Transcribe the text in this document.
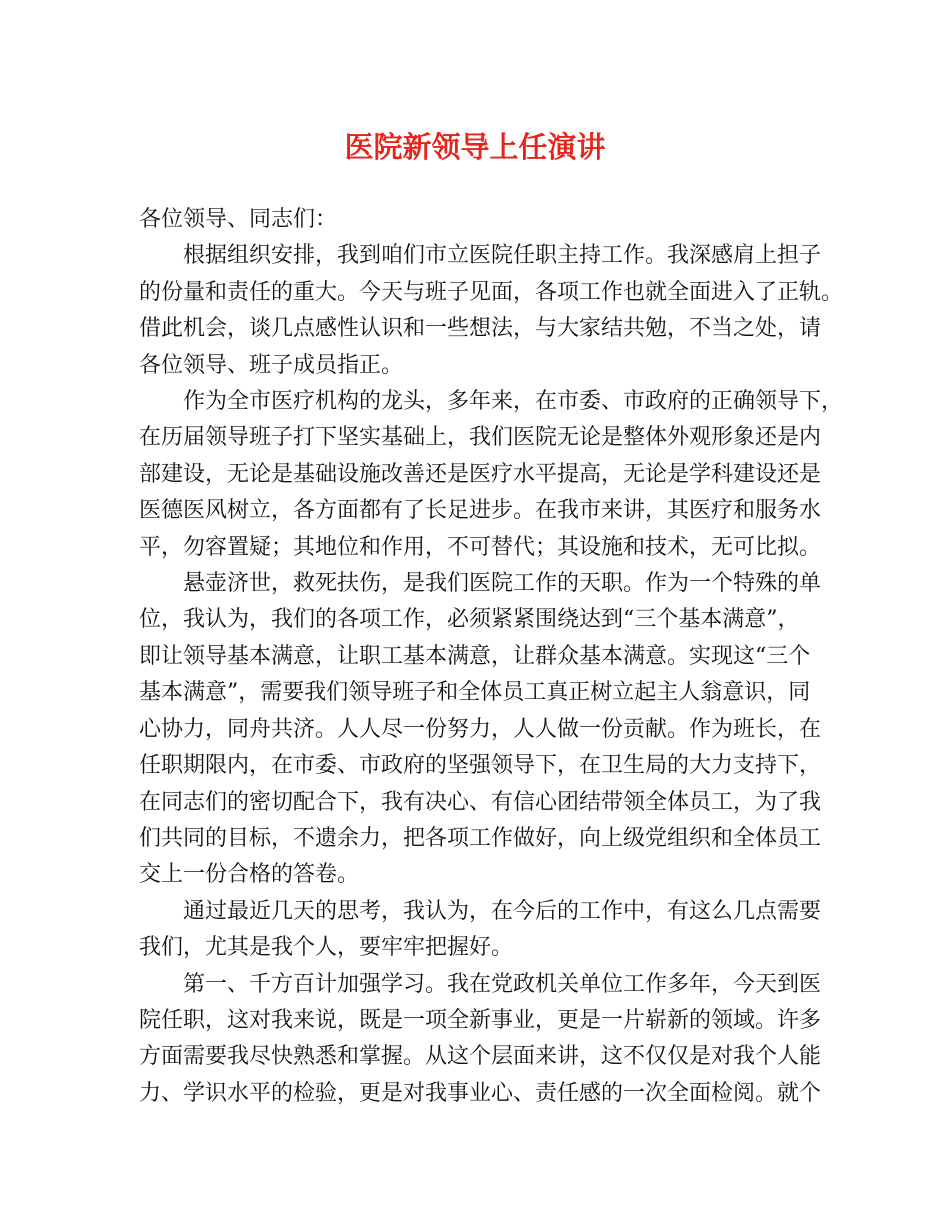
医院新领导上任演讲

各位领导、同志们：

　　根据组织安排，我到咱们市立医院任职主持工作。我深感肩上担子

的份量和责任的重大。今天与班子见面，各项工作也就全面进入了正轨。

借此机会，谈几点感性认识和一些想法，与大家结共勉，不当之处，请

各位领导、班子成员指正。

　　作为全市医疗机构的龙头，多年来，在市委、市政府的正确领导下，

在历届领导班子打下坚实基础上，我们医院无论是整体外观形象还是内

部建设，无论是基础设施改善还是医疗水平提高，无论是学科建设还是

医德医风树立，各方面都有了长足进步。在我市来讲，其医疗和服务水

平，勿容置疑；其地位和作用，不可替代；其设施和技术，无可比拟。

　　悬壶济世，救死扶伤，是我们医院工作的天职。作为一个特殊的单

位，我认为，我们的各项工作，必须紧紧围绕达到“三个基本满意”，

即让领导基本满意，让职工基本满意，让群众基本满意。实现这“三个

基本满意”，需要我们领导班子和全体员工真正树立起主人翁意识，同

心协力，同舟共济。人人尽一份努力，人人做一份贡献。作为班长，在

任职期限内，在市委、市政府的坚强领导下，在卫生局的大力支持下，

在同志们的密切配合下，我有决心、有信心团结带领全体员工，为了我

们共同的目标，不遗余力，把各项工作做好，向上级党组织和全体员工

交上一份合格的答卷。

　　通过最近几天的思考，我认为，在今后的工作中，有这么几点需要

我们，尤其是我个人，要牢牢把握好。

　　第一、千方百计加强学习。我在党政机关单位工作多年，今天到医

院任职，这对我来说，既是一项全新事业，更是一片崭新的领域。许多

方面需要我尽快熟悉和掌握。从这个层面来讲，这不仅仅是对我个人能

力、学识水平的检验，更是对我事业心、责任感的一次全面检阅。就个
